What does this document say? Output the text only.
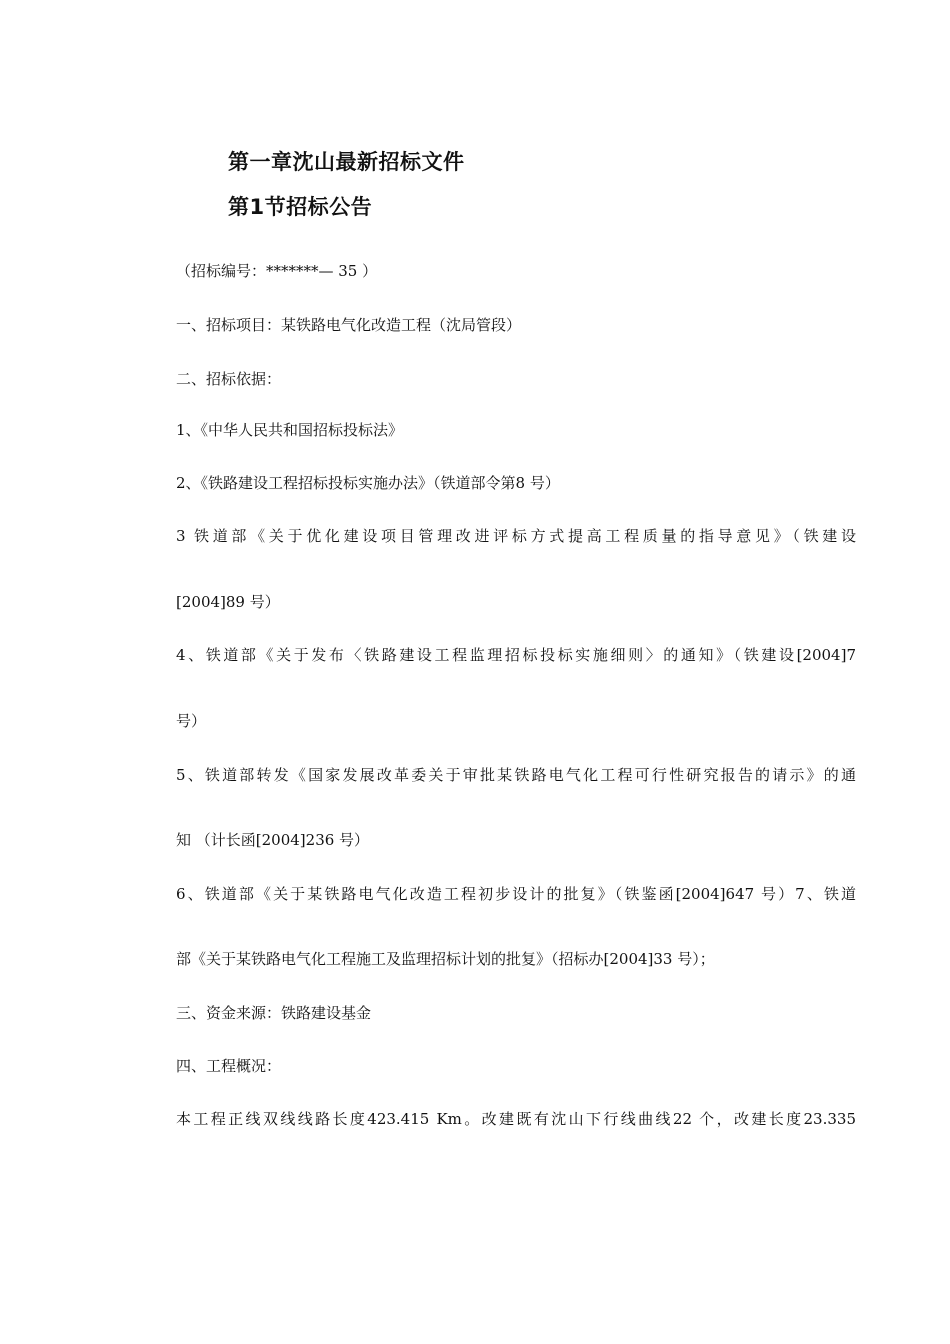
第一章沈山最新招标文件
第1节招标公告

（招标编号：*******— 35 ）

一、招标项目：某铁路电气化改造工程（沈局管段）

二、招标依据：

1、《中华人民共和国招标投标法》

2、《铁路建设工程招标投标实施办法》（铁道部令第8 号）

3 铁道部《关于优化建设项目管理改进评标方式提高工程质量的指导意见》（铁建设

[2004]89 号）

4、铁道部《关于发布〈铁路建设工程监理招标投标实施细则〉的通知》（铁建设[2004]7

号）

5、铁道部转发《国家发展改革委关于审批某铁路电气化工程可行性研究报告的请示》的通

知 （计长函[2004]236 号）

6、铁道部《关于某铁路电气化改造工程初步设计的批复》（铁鉴函[2004]647 号）7、铁道

部《关于某铁路电气化工程施工及监理招标计划的批复》（招标办[2004]33 号）；

三、资金来源：铁路建设基金

四、工程概况：

本工程正线双线线路长度423.415 Km。改建既有沈山下行线曲线22 个，改建长度23.335
